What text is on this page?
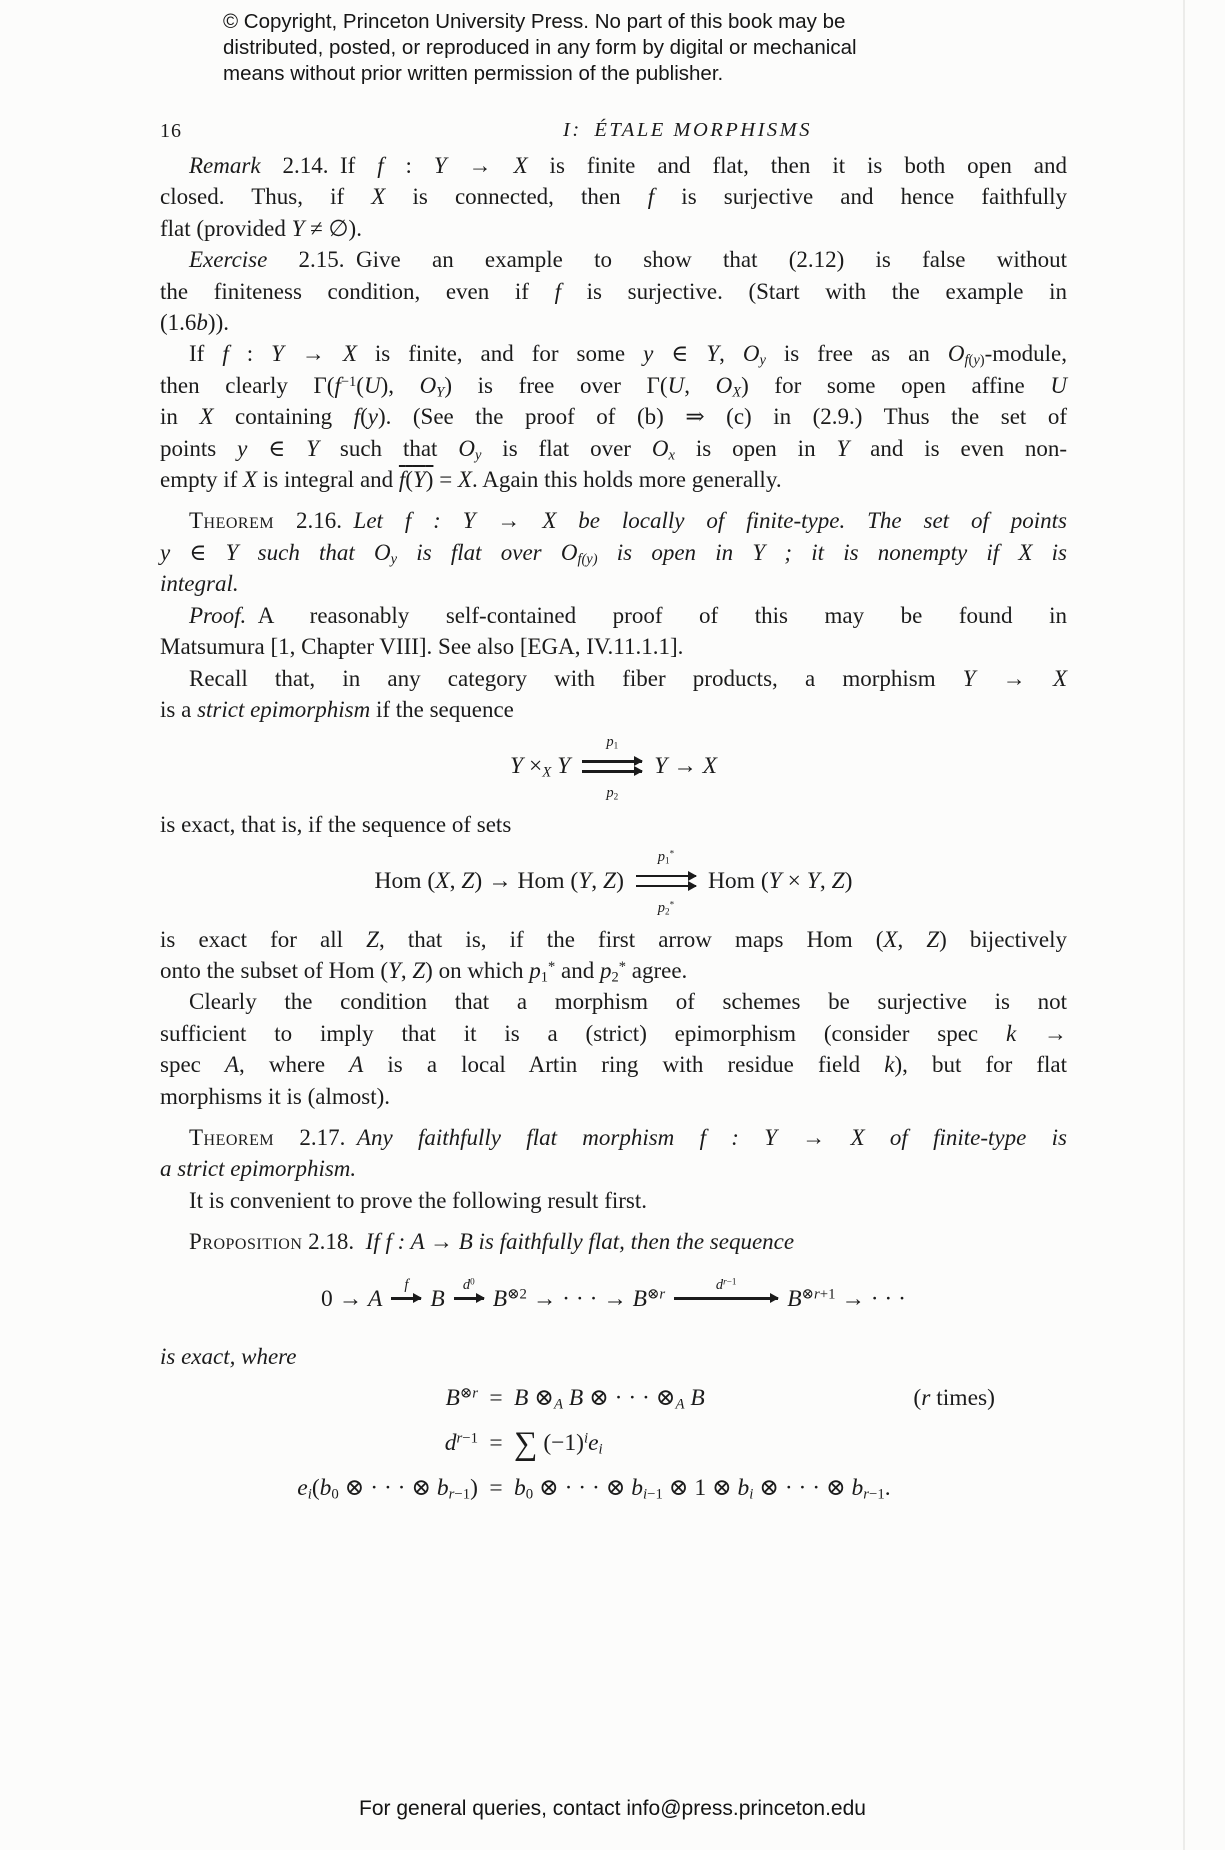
© Copyright, Princeton University Press. No part of this book may be
distributed, posted, or reproduced in any form by digital or mechanical
means without prior written permission of the publisher.
16	I: ÉTALE MORPHISMS
Remark 2.14. If f : Y → X is finite and flat, then it is both open and
closed. Thus, if X is connected, then f is surjective and hence faithfully
flat (provided Y ≠ ∅).
Exercise 2.15. Give an example to show that (2.12) is false without
the finiteness condition, even if f is surjective. (Start with the example in
(1.6b)).
If f : Y → X is finite, and for some y ∈ Y, $O_y$ is free as an $O_{f(y)}$-module,
then clearly $\Gamma(f^{-1}(U)$, $O_Y$) is free over Γ(U, $O_X$) for some open affine U
in X containing f(y). (See the proof of (b) ⇒ (c) in (2.9.) Thus the set of
points y ∈ Y such that $O_y$ is flat over $O_x$ is open in Y and is even non-
empty if X is integral and f(Y) = X. Again this holds more generally.
Theorem 2.16. Let f : Y → X be locally of finite-type. The set of points
y ∈ Y such that $O_y$ is flat over $O_{f(y)}$ is open in Y ; it is nonempty if X is
integral.
Proof. A reasonably self-contained proof of this may be found in
Matsumura [1, Chapter VIII]. See also [EGA, IV.11.1.1].
Recall that, in any category with fiber products, a morphism Y → X
is a strict epimorphism if the sequence
$Y \times_X$ Y $\frac{p_1}{p_2}$ Y → X
is exact, that is, if the sequence of sets
Hom (X, Z) → Hom (Y, $Z) \frac{p_1^*}{p_2^*}$ Hom (Y × Y, Z)
is exact for all Z, that is, if the first arrow maps Hom (X, Z) bijectively
onto the subset of Hom (Y, Z) on which $p_1^*$ and $p_2^*$ agree.
Clearly the condition that a morphism of schemes be surjective is not
sufficient to imply that it is a (strict) epimorphism (consider spec k →
spec A, where A is a local Artin ring with residue field k), but for flat
morphisms it is (almost).
Theorem 2.17. Any faithfully flat morphism f : Y → X of finite-type is
a strict epimorphism.
It is convenient to prove the following result first.
Proposition 2.18. If f : A → B is faithfully flat, then the sequence
0 → A
f
B
$d^0$
$B^{\otimes 2}$ → · · · → $B^{\otimes r}$
$d^{r-1}$
$B^{\otimes r+1}$ → · · ·
is exact, where
$B^{\otimes r} = B$ $\otimes_A$ B ⊗ · · · $\otimes_A$ B	(r times)
$d^{r-1}$ = ∑ $(-1)^ie_i$
$e_i(b_0$ ⊗ · · · ⊗ $b_{r-1}) = b_0$ ⊗ · · · ⊗ $b_{i-1}$ ⊗ 1 ⊗ $b_i$ ⊗ · · · ⊗ $b_{r-1}$.
For general queries, contact info@press.princeton.edu
